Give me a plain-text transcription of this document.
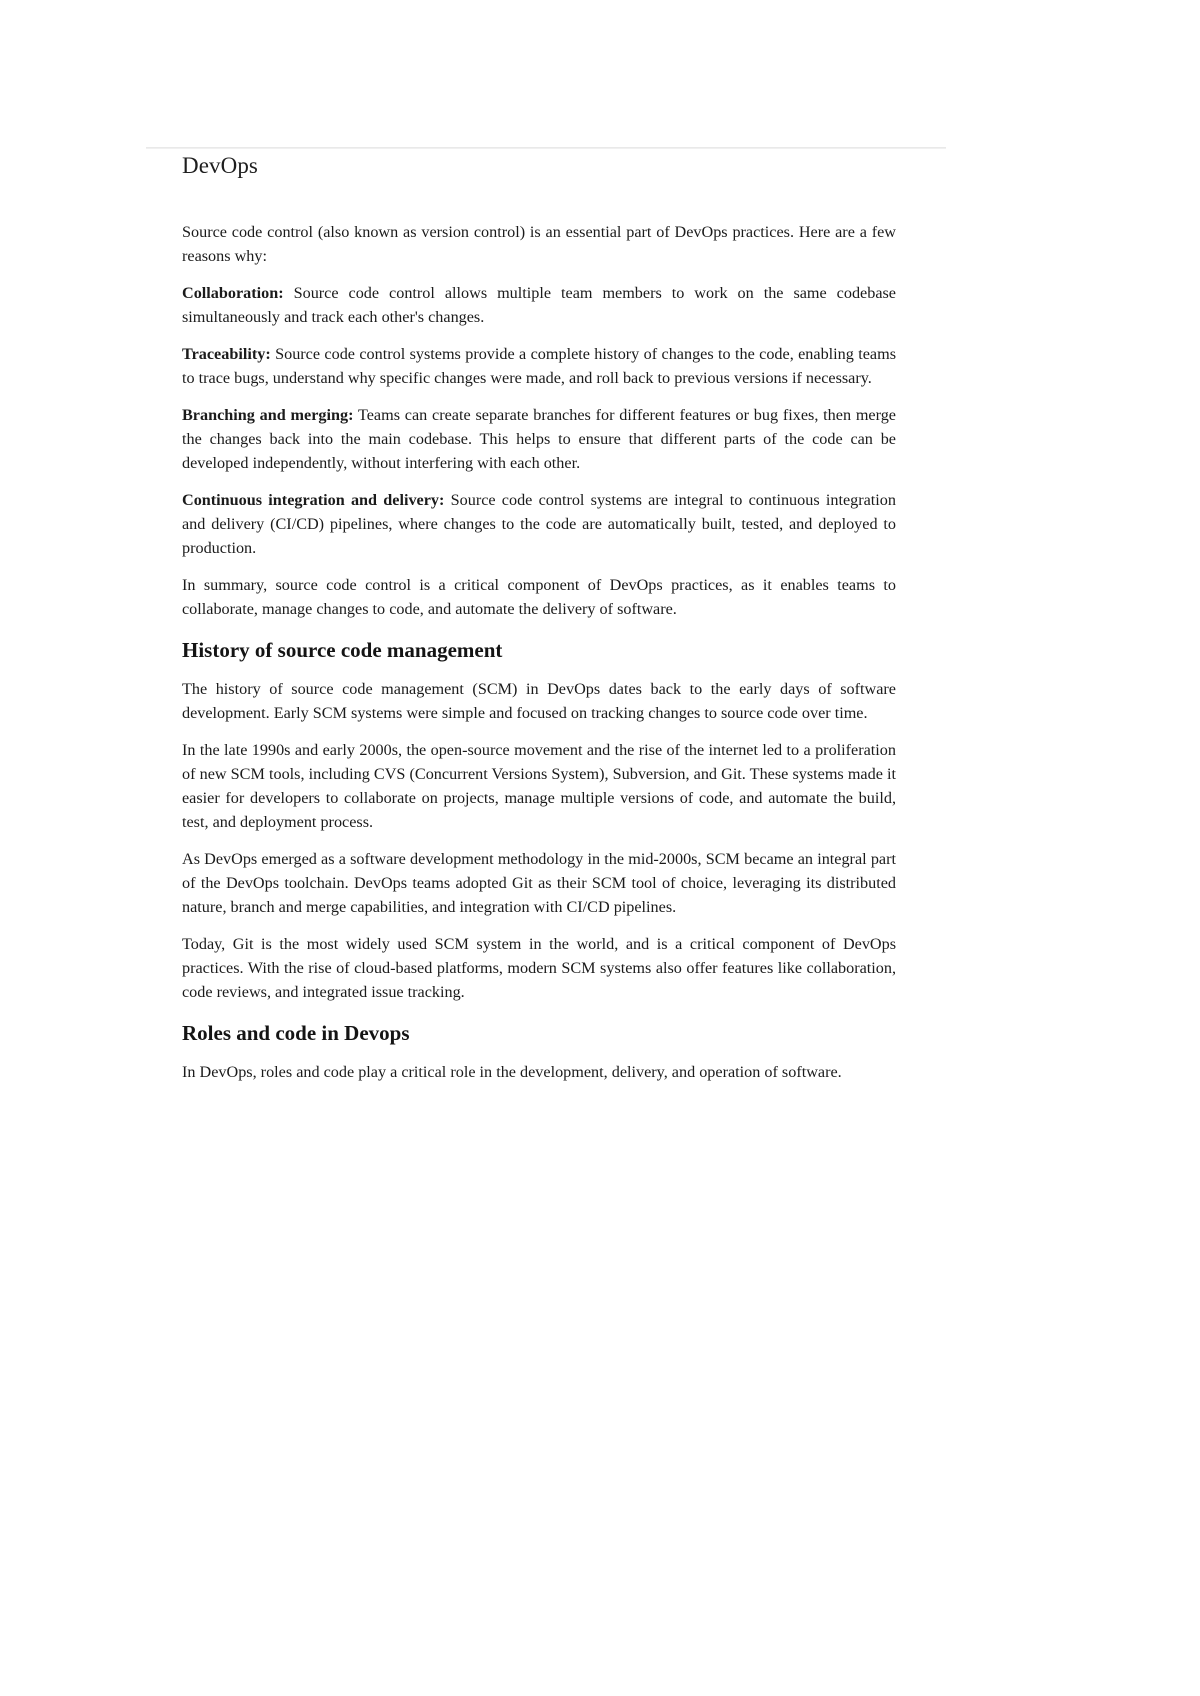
DevOps

Source code control (also known as version control) is an essential part of DevOps practices. Here are a few reasons why:

Collaboration: Source code control allows multiple team members to work on the same codebase simultaneously and track each other's changes.

Traceability: Source code control systems provide a complete history of changes to the code, enabling teams to trace bugs, understand why specific changes were made, and roll back to previous versions if necessary.

Branching and merging: Teams can create separate branches for different features or bug fixes, then merge the changes back into the main codebase. This helps to ensure that different parts of the code can be developed independently, without interfering with each other.

Continuous integration and delivery: Source code control systems are integral to continuous integration and delivery (CI/CD) pipelines, where changes to the code are automatically built, tested, and deployed to production.

In summary, source code control is a critical component of DevOps practices, as it enables teams to collaborate, manage changes to code, and automate the delivery of software.

History of source code management

The history of source code management (SCM) in DevOps dates back to the early days of software development. Early SCM systems were simple and focused on tracking changes to source code over time.

In the late 1990s and early 2000s, the open-source movement and the rise of the internet led to a proliferation of new SCM tools, including CVS (Concurrent Versions System), Subversion, and Git. These systems made it easier for developers to collaborate on projects, manage multiple versions of code, and automate the build, test, and deployment process.

As DevOps emerged as a software development methodology in the mid-2000s, SCM became an integral part of the DevOps toolchain. DevOps teams adopted Git as their SCM tool of choice, leveraging its distributed nature, branch and merge capabilities, and integration with CI/CD pipelines.

Today, Git is the most widely used SCM system in the world, and is a critical component of DevOps practices. With the rise of cloud-based platforms, modern SCM systems also offer features like collaboration, code reviews, and integrated issue tracking.

Roles and code in Devops

In DevOps, roles and code play a critical role in the development, delivery, and operation of software.
